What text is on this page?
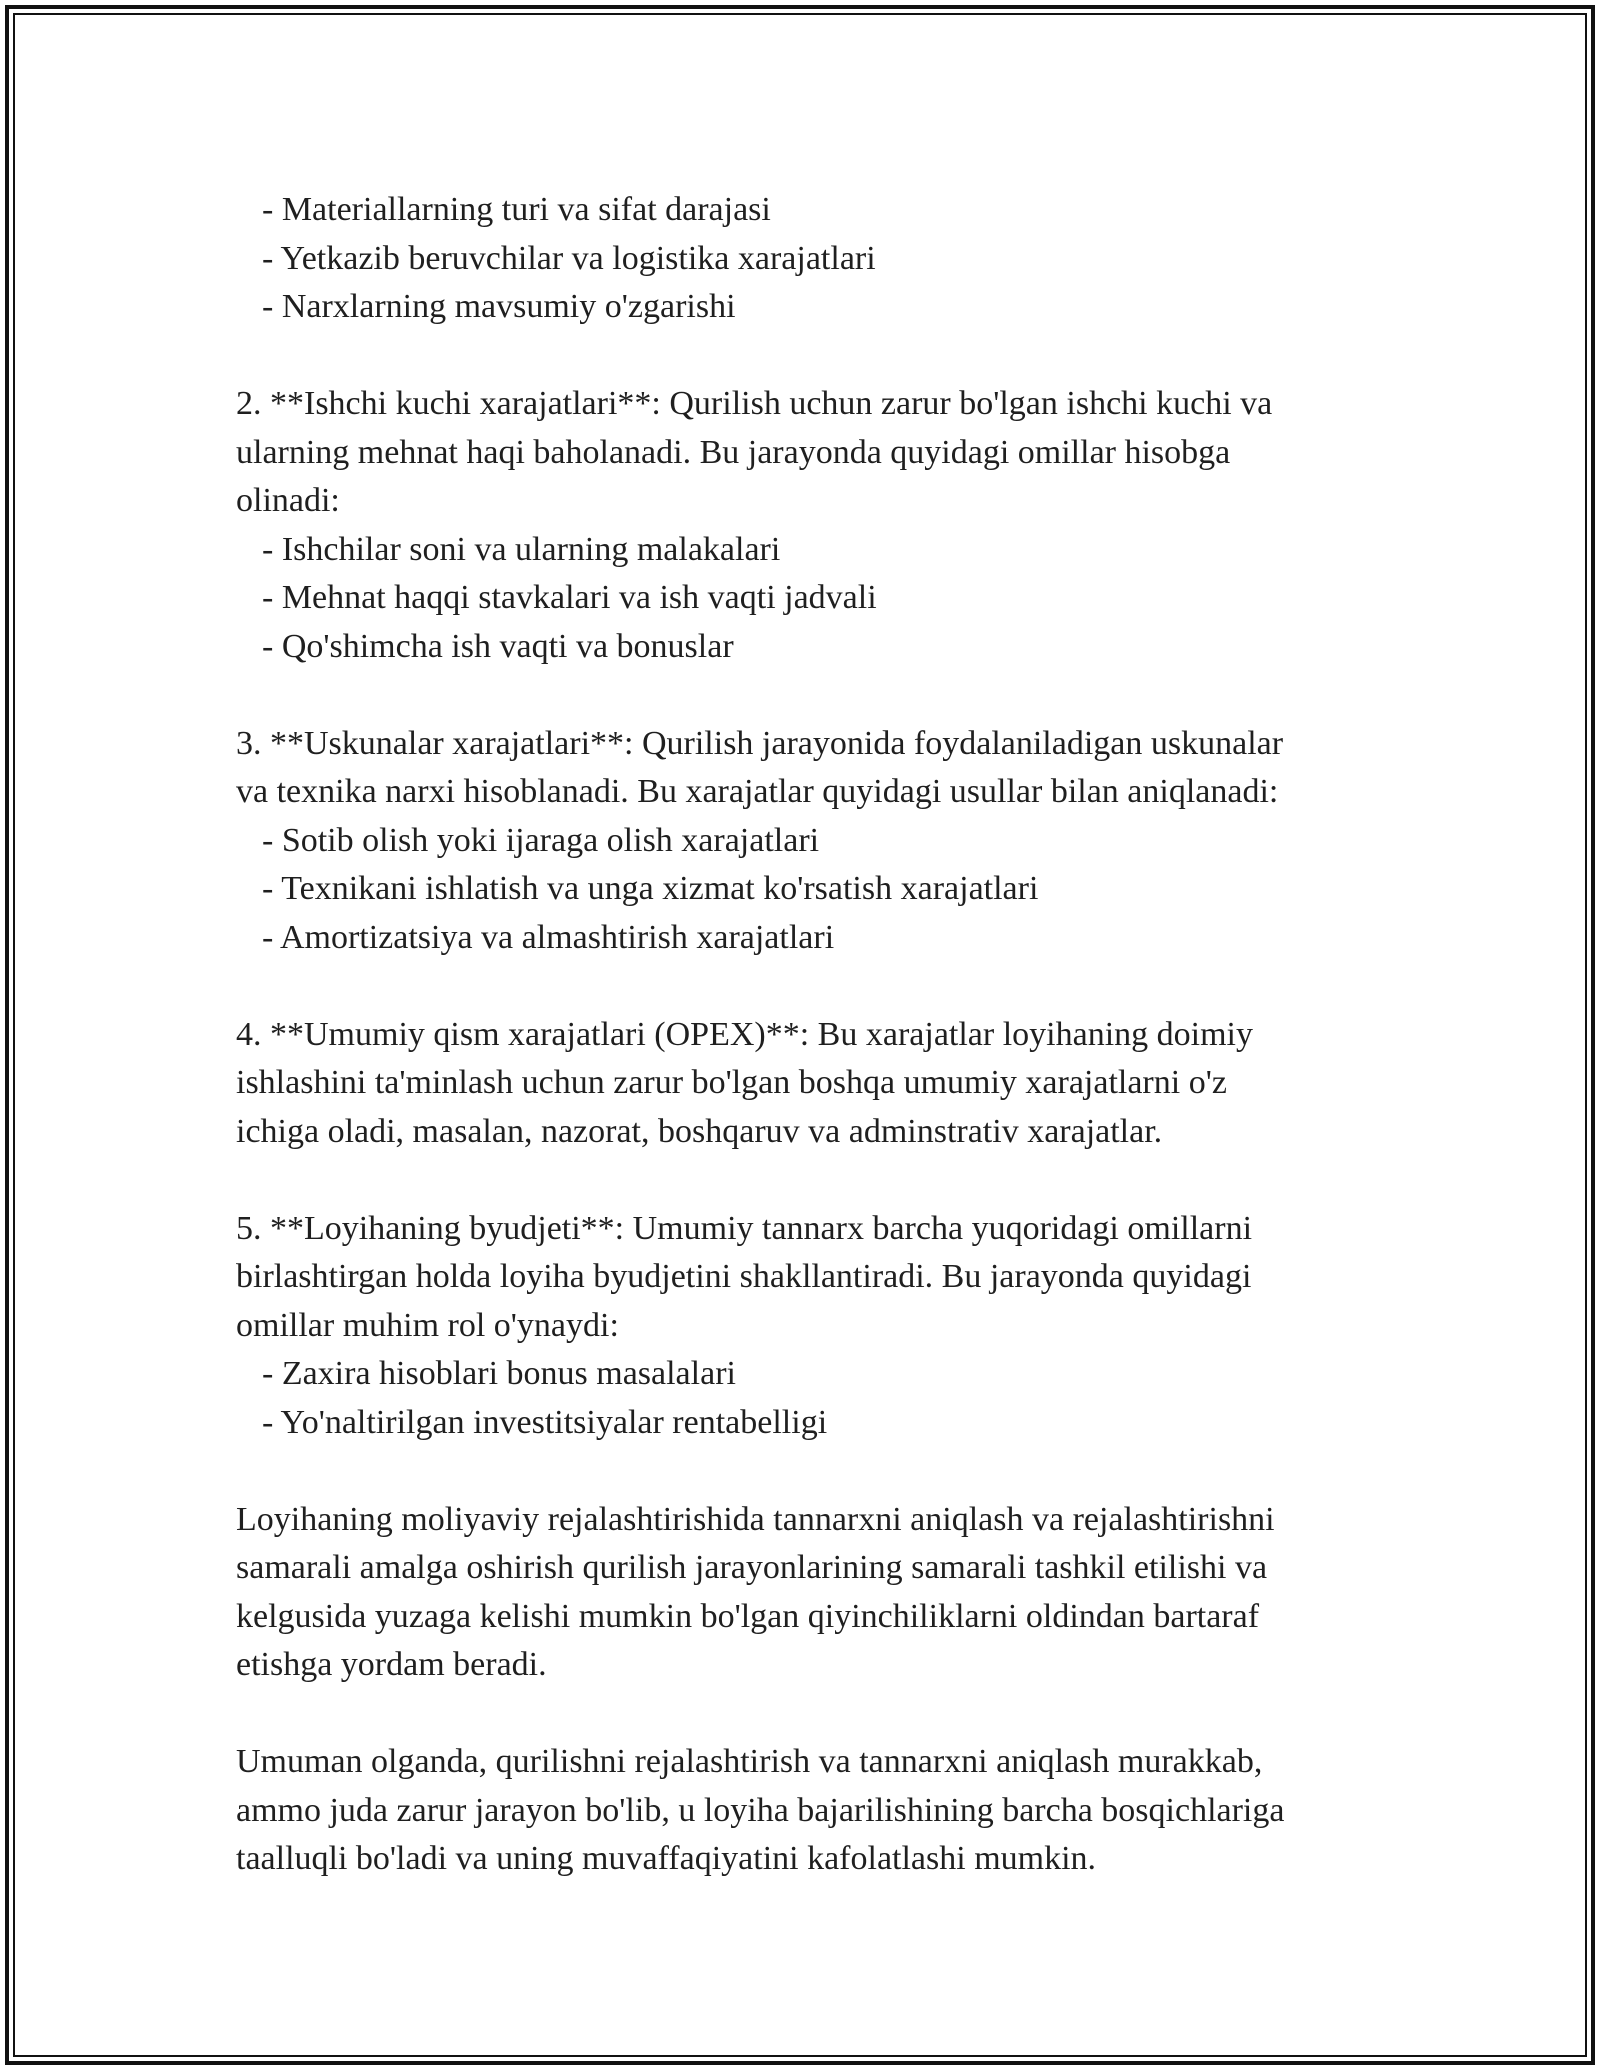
- Materiallarning turi va sifat darajasi
- Yetkazib beruvchilar va logistika xarajatlari
- Narxlarning mavsumiy o'zgarishi
2. **Ishchi kuchi xarajatlari**: Qurilish uchun zarur bo'lgan ishchi kuchi va
ularning mehnat haqi baholanadi. Bu jarayonda quyidagi omillar hisobga
olinadi:
- Ishchilar soni va ularning malakalari
- Mehnat haqqi stavkalari va ish vaqti jadvali
- Qo'shimcha ish vaqti va bonuslar
3. **Uskunalar xarajatlari**: Qurilish jarayonida foydalaniladigan uskunalar
va texnika narxi hisoblanadi. Bu xarajatlar quyidagi usullar bilan aniqlanadi:
- Sotib olish yoki ijaraga olish xarajatlari
- Texnikani ishlatish va unga xizmat ko'rsatish xarajatlari
- Amortizatsiya va almashtirish xarajatlari
4. **Umumiy qism xarajatlari (OPEX)**: Bu xarajatlar loyihaning doimiy
ishlashini ta'minlash uchun zarur bo'lgan boshqa umumiy xarajatlarni o'z
ichiga oladi, masalan, nazorat, boshqaruv va adminstrativ xarajatlar.
5. **Loyihaning byudjeti**: Umumiy tannarx barcha yuqoridagi omillarni
birlashtirgan holda loyiha byudjetini shakllantiradi. Bu jarayonda quyidagi
omillar muhim rol o'ynaydi:
- Zaxira hisoblari bonus masalalari
- Yo'naltirilgan investitsiyalar rentabelligi
Loyihaning moliyaviy rejalashtirishida tannarxni aniqlash va rejalashtirishni
samarali amalga oshirish qurilish jarayonlarining samarali tashkil etilishi va
kelgusida yuzaga kelishi mumkin bo'lgan qiyinchiliklarni oldindan bartaraf
etishga yordam beradi.
Umuman olganda, qurilishni rejalashtirish va tannarxni aniqlash murakkab,
ammo juda zarur jarayon bo'lib, u loyiha bajarilishining barcha bosqichlariga
taalluqli bo'ladi va uning muvaffaqiyatini kafolatlashi mumkin.
